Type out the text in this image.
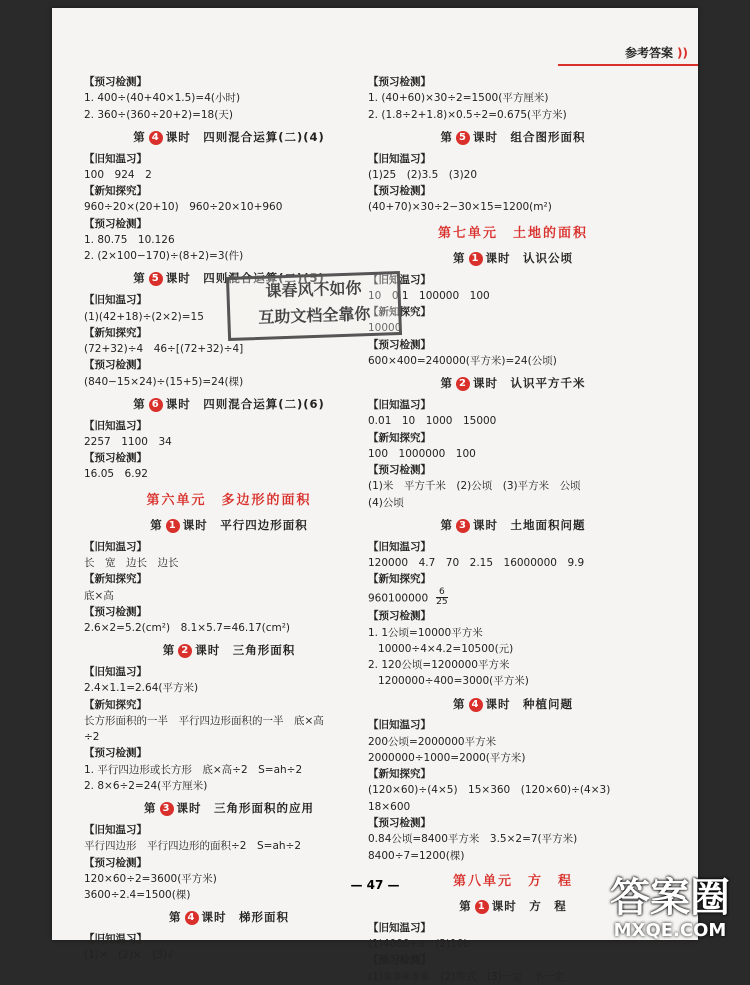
参考答案 ))
【预习检测】
1. 400÷(40+40×1.5)=4(小时)
2. 360÷(360÷20+2)=18(天)
第 4 课时　四则混合运算(二)(4)
【旧知温习】
100　924　2
【新知探究】
960÷20×(20+10)　960÷20×10+960
【预习检测】
1. 80.75　10.126
2. (2×100−170)÷(8+2)=3(件)
第 5 课时　四则混合运算(二)(5)
【旧知温习】
(1)(42+18)÷(2×2)=15
【新知探究】
(72+32)÷4　46÷[(72+32)÷4]
【预习检测】
(840−15×24)÷(15+5)=24(棵)
第 6 课时　四则混合运算(二)(6)
【旧知温习】
2257　1100　34
【预习检测】
16.05　6.92
第六单元　多边形的面积
第 1 课时　平行四边形面积
【旧知温习】
长　宽　边长　边长
【新知探究】
底×高
【预习检测】
2.6×2=5.2(cm²)　8.1×5.7=46.17(cm²)
第 2 课时　三角形面积
【旧知温习】
2.4×1.1=2.64(平方米)
【新知探究】
长方形面积的一半　平行四边形面积的一半　底×高
÷2
【预习检测】
1. 平行四边形或长方形　底×高÷2　S=ah÷2
2. 8×6÷2=24(平方厘米)
第 3 课时　三角形面积的应用
【旧知温习】
平行四边形　平行四边形的面积÷2　S=ah÷2
【预习检测】
120×60÷2=3600(平方米)
3600÷2.4=1500(棵)
第 4 课时　梯形面积
【旧知温习】
(1)×　(2)×　(3)√
【预习检测】
1. (40+60)×30÷2=1500(平方厘米)
2. (1.8÷2+1.8)×0.5÷2=0.675(平方米)
第 5 课时　组合图形面积
【旧知温习】
(1)25　(2)3.5　(3)20
【预习检测】
(40+70)×30÷2−30×15=1200(m²)
第七单元　土地的面积
第 1 课时　认识公顷
【旧知温习】
10　0.1　100000　100
【新知探究】
10000
【预习检测】
600×400=240000(平方米)=24(公顷)
第 2 课时　认识平方千米
【旧知温习】
0.01　10　1000　15000
【新知探究】
100　1000000　100
【预习检测】
(1)米　平方千米　(2)公顷　(3)平方米　公顷
(4)公顷
第 3 课时　土地面积问题
【旧知温习】
120000　4.7　70　2.15　16000000　9.9
【新知探究】
$960100000 \frac{6}{25}$
【预习检测】
1. 1公顷=10000平方米
10000÷4×4.2=10500(元)
2. 120公顷=1200000平方米
1200000÷400=3000(平方米)
第 4 课时　种植问题
【旧知温习】
200公顷=2000000平方米
2000000÷1000=2000(平方米)
【新知探究】
(120×60)÷(4×5)　15×360　(120×60)÷(4×3)
18×600
【预习检测】
0.84公顷=8400平方米　3.5×2=7(平方米)
8400÷7=1200(棵)
第八单元　方　程
第 1 课时　方　程
【旧知温习】
(1)4000+a　(2)10b
【预习检测】
(1)①③④⑤⑥　(2)等式　(3)一定　不一定
课春风不如你
互助文档全靠你
— 47 —
答案圈
MXQE.COM
